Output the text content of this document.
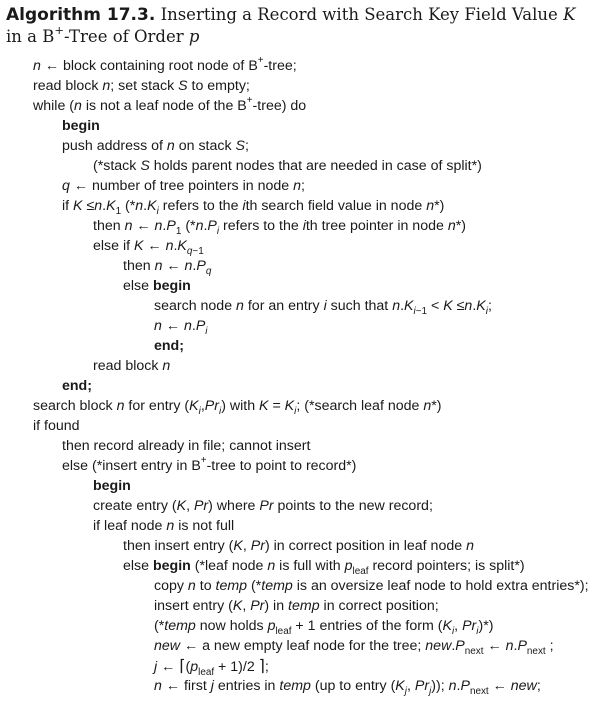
Algorithm 17.3. Inserting a Record with Search Key Field Value K in a B+-Tree of Order p
n ← block containing root node of B+-tree;
read block n; set stack S to empty;
while (n is not a leaf node of the B+-tree) do
begin
push address of n on stack S;
(*stack S holds parent nodes that are needed in case of split*)
q ← number of tree pointers in node n;
if $K \le n.K_1$ ($*n.K_i$ refers to the ith search field value in node n*)
then n ← $n.P_1$ ($*n.P_i$ refers to the ith tree pointer in node n*)
else if K ← $n.K_{q-1}$
then n ← $n.P_q$
else begin
search node n for an entry i such that $n.K_{i-1} < K \le n.K_i$;
n ← $n.P_i$
end;
read block n
end;
search block n for entry $(K_i,Pr_i)$ with $K = K_i$; (*search leaf node n*)
if found
then record already in file; cannot insert
else (*insert entry in B+-tree to point to record*)
begin
create entry (K, Pr) where Pr points to the new record;
if leaf node n is not full
then insert entry (K, Pr) in correct position in leaf node n
else begin (*leaf node n is full with $p_{leaf}$ record pointers; is split*)
copy n to temp (*temp is an oversize leaf node to hold extra entries*);
insert entry (K, Pr) in temp in correct position;
(*temp now holds $p_{leaf} + 1$ entries of the form ($K_i$, $Pr_i)*$)
new ← a new empty leaf node for the tree; $new.P_{next}$ ← $n.P_{next}$ ;
j ← $⌈(p_{leaf} + 1)/2$ ⌉;
n ← first j entries in temp (up to entry ($K_j$, $Pr_j$)); $n.P_{next}$ ← new;
